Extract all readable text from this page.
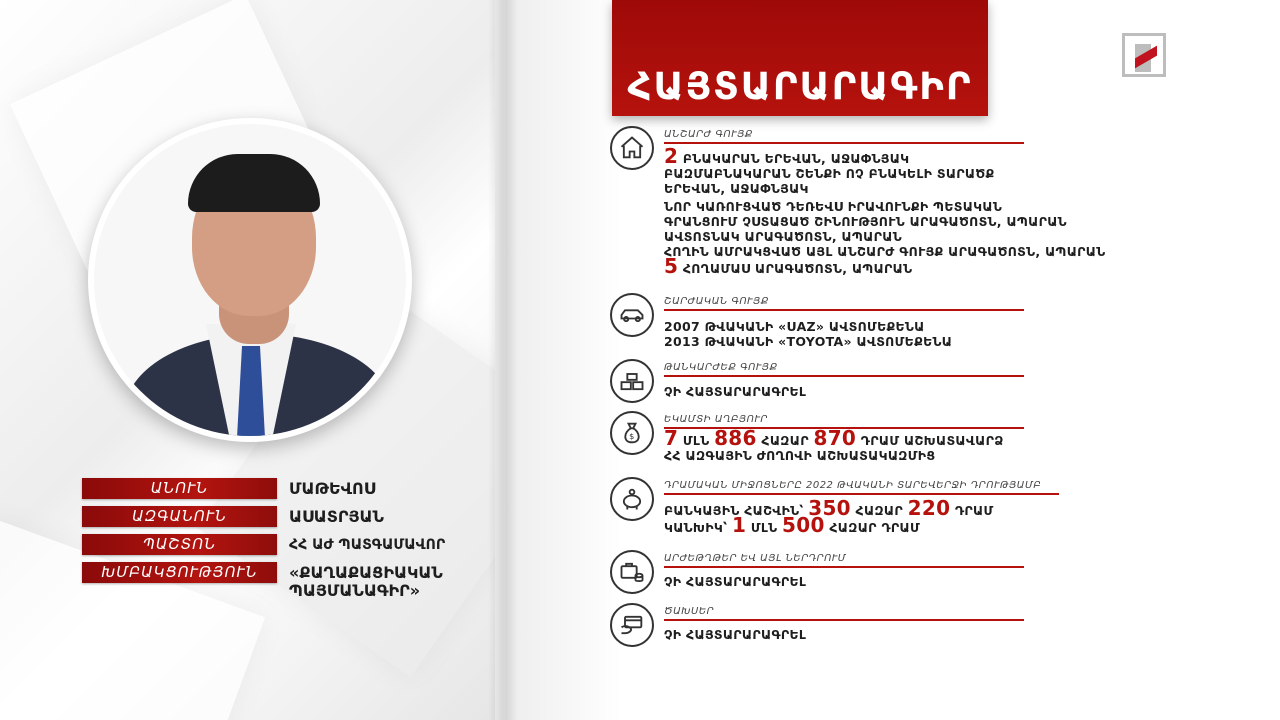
ԱՆՈՒՆ	ՄԱԹԵՎՈՍ
ԱԶԳԱՆՈՒՆ	ԱՍԱՏՐՅԱՆ
ՊԱՇՏՈՆ	ՀՀ ԱԺ ՊԱՏԳԱՄԱՎՈՐ
ԽՄԲԱԿՑՈՒԹՅՈՒՆ	«ՔԱՂԱՔԱՑԻԱԿԱՆ ՊԱՅՄԱՆԱԳԻՐ»
ՀԱՅՏԱՐԱՐԱԳԻՐ
ԱՆՇԱՐԺ ԳՈՒՅՔ
2 ԲՆԱԿԱՐԱՆ ԵՐԵՎԱՆ, ԱՋԱՓՆՅԱԿ
ԲԱԶՄԱԲՆԱԿԱՐԱՆ ՇԵՆՔԻ ՈՉ ԲՆԱԿԵԼԻ ՏԱՐԱԾՔ
ԵՐԵՎԱՆ, ԱՋԱՓՆՅԱԿ
ՆՈՐ ԿԱՌՈՒՑՎԱԾ ԴԵՌԵՎՍ ԻՐԱՎՈՒՆՔԻ ՊԵՏԱԿԱՆ
ԳՐԱՆՑՈՒՄ ՉՍՏԱՑԱԾ ՇԻՆՈՒԹՅՈՒՆ ԱՐԱԳԱԾՈՏՆ, ԱՊԱՐԱՆ
ԱՎՏՈՏՆԱԿ ԱՐԱԳԱԾՈՏՆ, ԱՊԱՐԱՆ
ՀՈՂԻՆ ԱՄՐԱԿՑՎԱԾ ԱՅԼ ԱՆՇԱՐԺ ԳՈՒՅՔ ԱՐԱԳԱԾՈՏՆ, ԱՊԱՐԱՆ
5 ՀՈՂԱՄԱՍ ԱՐԱԳԱԾՈՏՆ, ԱՊԱՐԱՆ
ՇԱՐԺԱԿԱՆ ԳՈՒՅՔ
2007 ԹՎԱԿԱՆԻ «UAZ» ԱՎՏՈՄԵՔԵՆԱ
2013 ԹՎԱԿԱՆԻ «TOYOTA» ԱՎՏՈՄԵՔԵՆԱ
ԹԱՆԿԱՐԺԵՔ ԳՈՒՅՔ
ՉԻ ՀԱՅՏԱՐԱՐԱԳՐԵԼ
$
ԵԿԱՄՏԻ ԱՂԲՅՈՒՐ
7 ՄԼՆ 886 ՀԱԶԱՐ 870 ԴՐԱՄ ԱՇԽԱՏԱՎԱՐՁ
ՀՀ ԱԶԳԱՅԻՆ ԺՈՂՈՎԻ ԱՇԽԱՏԱԿԱԶՄԻՑ
ԴՐԱՄԱԿԱՆ ՄԻՋՈՑՆԵՐԸ 2022 ԹՎԱԿԱՆԻ ՏԱՐԵՎԵՐՋԻ ԴՐՈՒԹՅԱՄԲ
ԲԱՆԿԱՅԻՆ ՀԱՇՎԻՆ՝ 350 ՀԱԶԱՐ 220 ԴՐԱՄ
ԿԱՆԽԻԿ՝ 1 ՄԼՆ 500 ՀԱԶԱՐ ԴՐԱՄ
ԱՐԺԵԹՂԹԵՐ ԵՎ ԱՅԼ ՆԵՐԴՐՈՒՄ
ՉԻ ՀԱՅՏԱՐԱՐԱԳՐԵԼ
ԾԱԽՍԵՐ
ՉԻ ՀԱՅՏԱՐԱՐԱԳՐԵԼ
